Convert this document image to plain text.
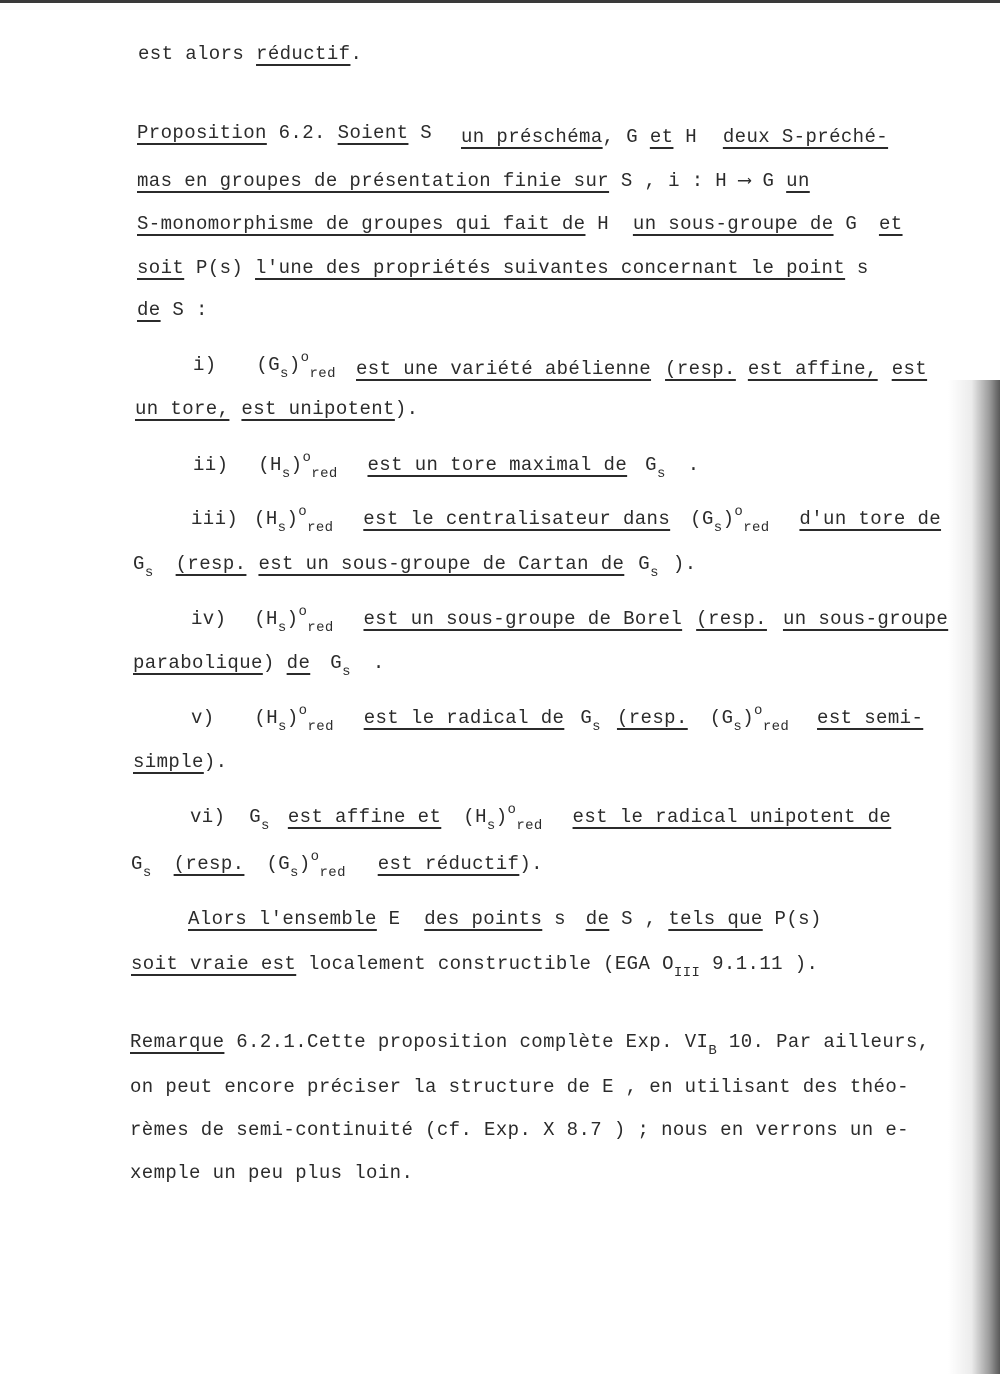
est alors réductif.
Proposition 6.2. Soient S un préschéma, G et H deux S-préché-
mas en groupes de présentation finie sur S , i : H ⟶ G un
S-monomorphisme de groupes qui fait de H un sous-groupe de G et
soit P(s) l'une des propriétés suivantes concernant le point s
de S :
i) $(G_s)^o_{red}$ est une variété abélienne (resp. est affine, est
un tore, est unipotent).
ii) $(H_s)^o_{red}$ est un tore maximal de $G_s$ .
iii) $(H_s)^o_{red}$ est le centralisateur dans $(G_s)^o_{red}$ d'un tore de
$G_s$ (resp. est un sous-groupe de Cartan de $G_s$ ).
iv) $(H_s)^o_{red}$ est un sous-groupe de Borel (resp. un sous-groupe
parabolique) de $G_s$ .
v) $(H_s)^o_{red}$ est le radical de $G_s$ (resp. $(G_s)^o_{red}$ est semi-
simple).
vi) $G_s$ est affine et $(H_s)^o_{red}$ est le radical unipotent de
$G_s$ (resp. $(G_s)^o_{red}$ est réductif).
Alors l'ensemble E des points s de S , tels que P(s)
soit vraie est localement constructible (EGA $O_{III}$ 9.1.11 ).
Remarque 6.2.1.Cette proposition complète Exp. $VI_B$ 10. Par ailleurs,
on peut encore préciser la structure de E , en utilisant des théo-
rèmes de semi-continuité (cf. Exp. X 8.7 ) ; nous en verrons un e-
xemple un peu plus loin.
